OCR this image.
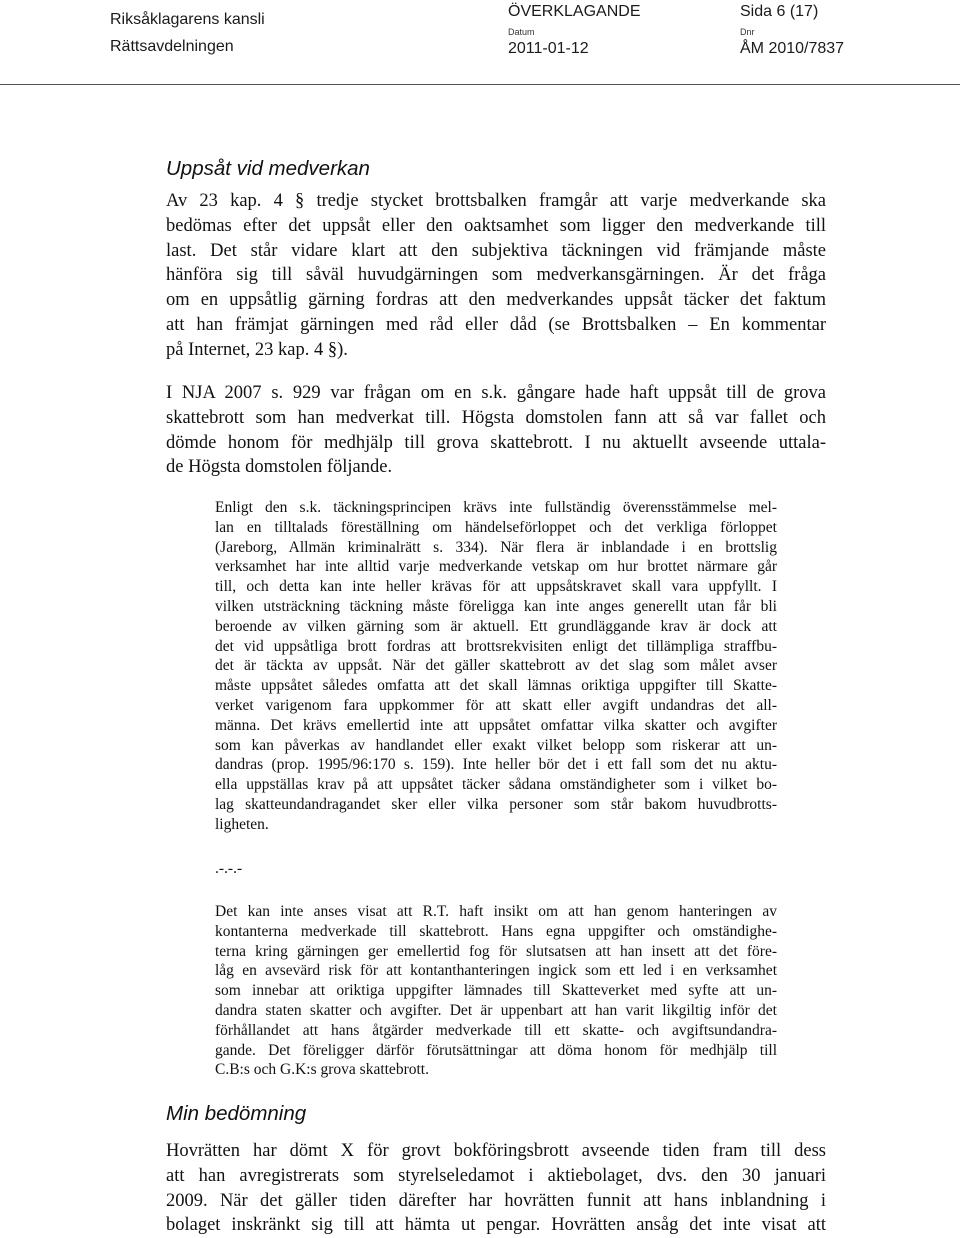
Riksåklagarens kansli
Rättsavdelningen
ÖVERKLAGANDE
Datum
2011-01-12
Dnr
ÅM 2010/7837
Sida 6 (17)
Uppsåt vid medverkan
Av 23 kap. 4 § tredje stycket brottsbalken framgår att varje medverkande ska
bedömas efter det uppsåt eller den oaktsamhet som ligger den medverkande till
last. Det står vidare klart att den subjektiva täckningen vid främjande måste
hänföra sig till såväl huvudgärningen som medverkansgärningen. Är det fråga
om en uppsåtlig gärning fordras att den medverkandes uppsåt täcker det faktum
att han främjat gärningen med råd eller dåd (se Brottsbalken – En kommentar
på Internet, 23 kap. 4 §).
I NJA 2007 s. 929 var frågan om en s.k. gångare hade haft uppsåt till de grova
skattebrott som han medverkat till. Högsta domstolen fann att så var fallet och
dömde honom för medhjälp till grova skattebrott. I nu aktuellt avseende uttala-
de Högsta domstolen följande.
Enligt den s.k. täckningsprincipen krävs inte fullständig överensstämmelse mel-
lan en tilltalads föreställning om händelseförloppet och det verkliga förloppet
(Jareborg, Allmän kriminalrätt s. 334). När flera är inblandade i en brottslig
verksamhet har inte alltid varje medverkande vetskap om hur brottet närmare går
till, och detta kan inte heller krävas för att uppsåtskravet skall vara uppfyllt. I
vilken utsträckning täckning måste föreligga kan inte anges generellt utan får bli
beroende av vilken gärning som är aktuell. Ett grundläggande krav är dock att
det vid uppsåtliga brott fordras att brottsrekvisiten enligt det tillämpliga straffbu-
det är täckta av uppsåt. När det gäller skattebrott av det slag som målet avser
måste uppsåtet således omfatta att det skall lämnas oriktiga uppgifter till Skatte-
verket varigenom fara uppkommer för att skatt eller avgift undandras det all-
männa. Det krävs emellertid inte att uppsåtet omfattar vilka skatter och avgifter
som kan påverkas av handlandet eller exakt vilket belopp som riskerar att un-
dandras (prop. 1995/96:170 s. 159). Inte heller bör det i ett fall som det nu aktu-
ella uppställas krav på att uppsåtet täcker sådana omständigheter som i vilket bo-
lag skatteundandragandet sker eller vilka personer som står bakom huvudbrotts-
ligheten.
.-.-.-
Det kan inte anses visat att R.T. haft insikt om att han genom hanteringen av
kontanterna medverkade till skattebrott. Hans egna uppgifter och omständighe-
terna kring gärningen ger emellertid fog för slutsatsen att han insett att det före-
låg en avsevärd risk för att kontanthanteringen ingick som ett led i en verksamhet
som innebar att oriktiga uppgifter lämnades till Skatteverket med syfte att un-
dandra staten skatter och avgifter. Det är uppenbart att han varit likgiltig inför det
förhållandet att hans åtgärder medverkade till ett skatte- och avgiftsundandra-
gande. Det föreligger därför förutsättningar att döma honom för medhjälp till
C.B:s och G.K:s grova skattebrott.
Min bedömning
Hovrätten har dömt X för grovt bokföringsbrott avseende tiden fram till dess
att han avregistrerats som styrelseledamot i aktiebolaget, dvs. den 30 januari
2009. När det gäller tiden därefter har hovrätten funnit att hans inblandning i
bolaget inskränkt sig till att hämta ut pengar. Hovrätten ansåg det inte visat att
